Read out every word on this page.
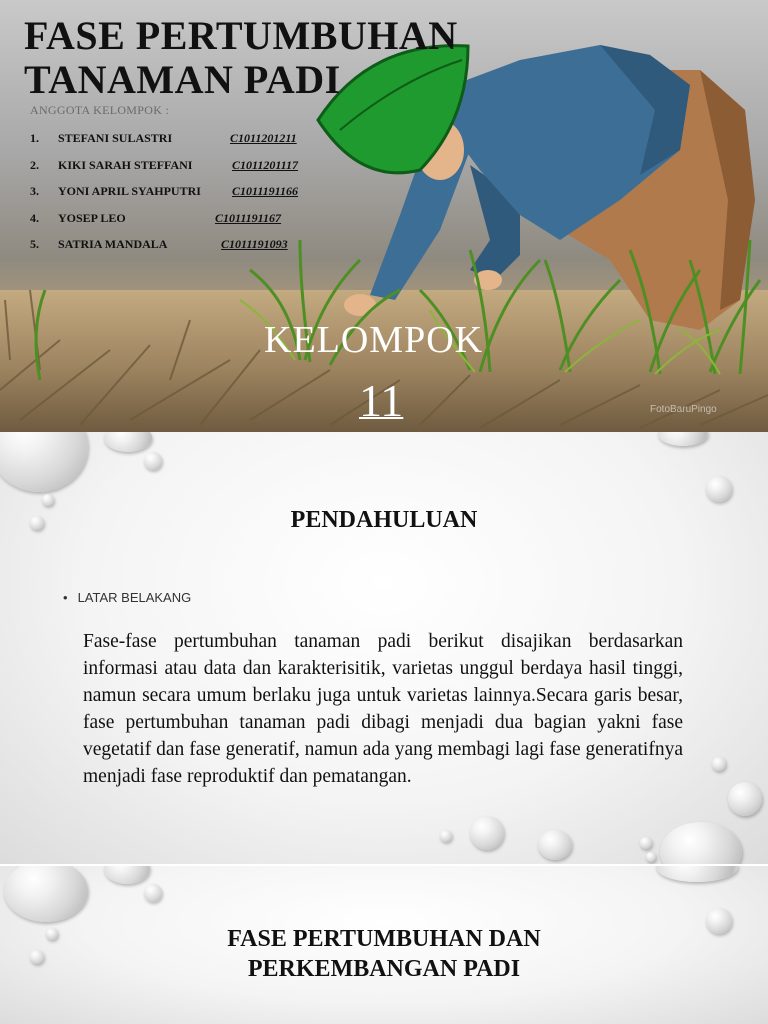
FASE PERTUMBUHAN
TANAMAN PADI
ANGGOTA KELOMPOK :
1. STEFANI SULASTRI	C1011201211
2. KIKI SARAH STEFFANI	C1011201117
3. YONI APRIL SYAHPUTRI	C1011191166
4. YOSEP LEO	C1011191167
5. SATRIA MANDALA	C1011191093
KELOMPOK
11	FotoBaruPingo
PENDAHULUAN
• LATAR BELAKANG
Fase-fase pertumbuhan tanaman padi berikut disajikan berdasarkan informasi atau data dan karakterisitik, varietas unggul berdaya hasil tinggi, namun secara umum berlaku juga untuk varietas lainnya.Secara garis besar, fase pertumbuhan tanaman padi dibagi menjadi dua bagian yakni fase vegetatif dan fase generatif, namun ada yang membagi lagi fase generatifnya menjadi fase reproduktif dan pematangan.
FASE PERTUMBUHAN DAN
PERKEMBANGAN PADI
